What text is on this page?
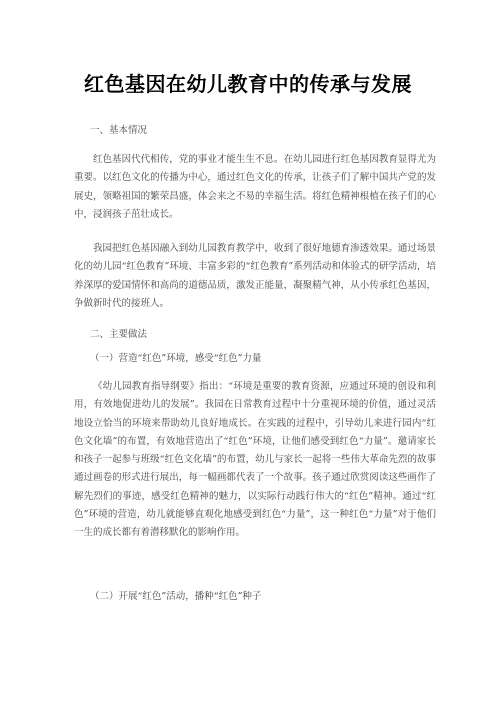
红色基因在幼儿教育中的传承与发展

一、基本情况

红色基因代代相传，党的事业才能生生不息。在幼儿园进行红色基因教育显得尤为重要。以红色文化的传播为中心，通过红色文化的传承，让孩子们了解中国共产党的发展史，领略祖国的繁荣昌盛，体会来之不易的幸福生活。将红色精神根植在孩子们的心中，浸润孩子茁壮成长。

我园把红色基因融入到幼儿园教育教学中，收到了很好地德育渗透效果。通过场景化的幼儿园“红色教育”环境、丰富多彩的“红色教育”系列活动和体验式的研学活动，培养深厚的爱国情怀和高尚的道德品质，激发正能量，凝聚精气神，从小传承红色基因，争做新时代的接班人。

二、主要做法

（一）营造“红色”环境，感受“红色”力量

《幼儿园教育指导纲要》指出：“环境是重要的教育资源，应通过环境的创设和利用，有效地促进幼儿的发展”。我园在日常教育过程中十分重视环境的价值，通过灵活地设立恰当的环境来帮助幼儿良好地成长。在实践的过程中，引导幼儿来进行园内“红色文化墙”的布置，有效地营造出了“红色”环境，让他们感受到红色“力量”。邀请家长和孩子一起参与班级“红色文化墙”的布置，幼儿与家长一起将一些伟大革命先烈的故事通过画卷的形式进行展出，每一幅画都代表了一个故事。孩子通过欣赏阅读这些画作了解先烈们的事迹，感受红色精神的魅力，以实际行动践行伟大的“红色”精神。通过“红色”环境的营造，幼儿就能够直观化地感受到红色“力量”，这一种红色“力量”对于他们一生的成长都有着潜移默化的影响作用。

（二）开展“红色”活动，播种“红色”种子
